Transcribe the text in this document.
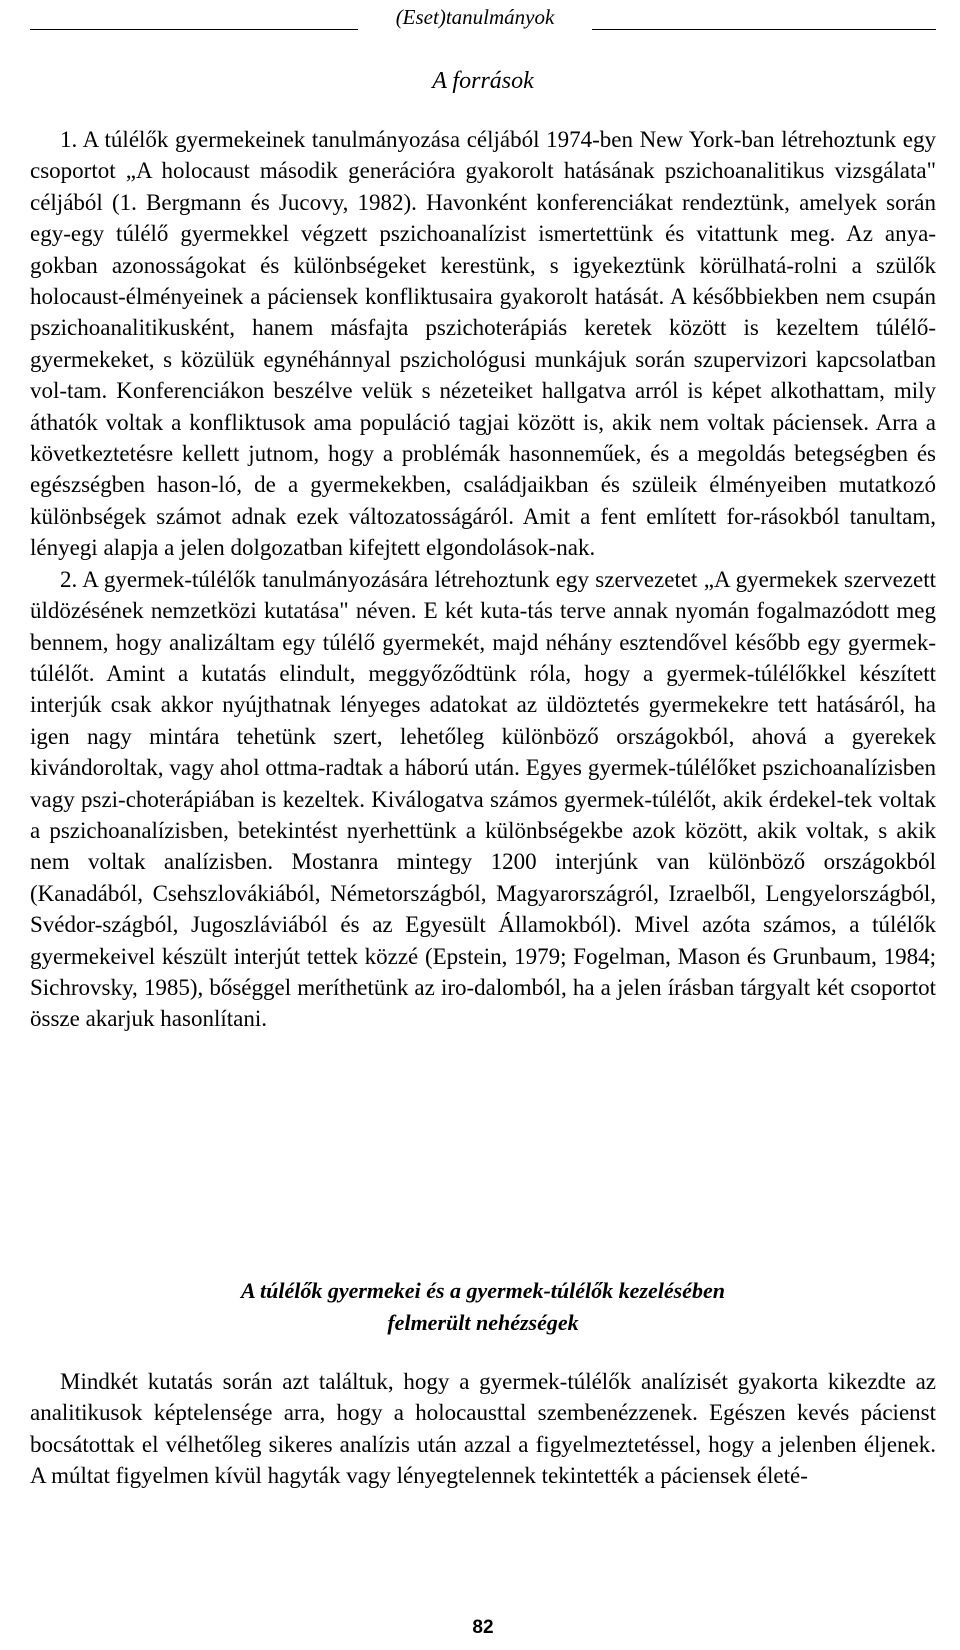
(Eset)tanulmányok
A források

1. A túlélők gyermekeinek tanulmányozása céljából 1974-ben New York-ban létrehoztunk egy csoportot „A holocaust második generációra gyakorolt hatásának pszichoanalitikus vizsgálata" céljából (1. Bergmann és Jucovy, 1982). Havonként konferenciákat rendeztünk, amelyek során egy-egy túlélő gyermekkel végzett pszichoanalízist ismertettünk és vitattunk meg. Az anya-gokban azonosságokat és különbségeket kerestünk, s igyekeztünk körülhatá-rolni a szülők holocaust-élményeinek a páciensek konfliktusaira gyakorolt hatását. A későbbiekben nem csupán pszichoanalitikusként, hanem másfajta pszichoterápiás keretek között is kezeltem túlélő-gyermekeket, s közülük egynéhánnyal pszichológusi munkájuk során szupervizori kapcsolatban vol-tam. Konferenciákon beszélve velük s nézeteiket hallgatva arról is képet alkothattam, mily áthatók voltak a konfliktusok ama populáció tagjai között is, akik nem voltak páciensek. Arra a következtetésre kellett jutnom, hogy a problémák hasonneműek, és a megoldás betegségben és egészségben hason-ló, de a gyermekekben, családjaikban és szüleik élményeiben mutatkozó különbségek számot adnak ezek változatosságáról. Amit a fent említett for-rásokból tanultam, lényegi alapja a jelen dolgozatban kifejtett elgondolások-nak.

2. A gyermek-túlélők tanulmányozására létrehoztunk egy szervezetet „A gyermekek szervezett üldözésének nemzetközi kutatása" néven. E két kuta-tás terve annak nyomán fogalmazódott meg bennem, hogy analizáltam egy túlélő gyermekét, majd néhány esztendővel később egy gyermek-túlélőt. Amint a kutatás elindult, meggyőződtünk róla, hogy a gyermek-túlélőkkel készített interjúk csak akkor nyújthatnak lényeges adatokat az üldöztetés gyermekekre tett hatásáról, ha igen nagy mintára tehetünk szert, lehetőleg különböző országokból, ahová a gyerekek kivándoroltak, vagy ahol ottma-radtak a háború után. Egyes gyermek-túlélőket pszichoanalízisben vagy pszi-choterápiában is kezeltek. Kiválogatva számos gyermek-túlélőt, akik érdekel-tek voltak a pszichoanalízisben, betekintést nyerhettünk a különbségekbe azok között, akik voltak, s akik nem voltak analízisben. Mostanra mintegy 1200 interjúnk van különböző országokból (Kanadából, Csehszlovákiából, Németországból, Magyarországról, Izraelből, Lengyelországból, Svédor-szágból, Jugoszláviából és az Egyesült Államokból). Mivel azóta számos, a túlélők gyermekeivel készült interjút tettek közzé (Epstein, 1979; Fogelman, Mason és Grunbaum, 1984; Sichrovsky, 1985), bőséggel meríthetünk az iro-dalomból, ha a jelen írásban tárgyalt két csoportot össze akarjuk hasonlítani.

A túlélők gyermekei és a gyermek-túlélők kezelésében
felmerült nehézségek

Mindkét kutatás során azt találtuk, hogy a gyermek-túlélők analízisét gyakorta kikezdte az analitikusok képtelensége arra, hogy a holocausttal szembenézzenek. Egészen kevés pácienst bocsátottak el vélhetőleg sikeres analízis után azzal a figyelmeztetéssel, hogy a jelenben éljenek. A múltat figyelmen kívül hagyták vagy lényegtelennek tekintették a páciensek életé-

82
